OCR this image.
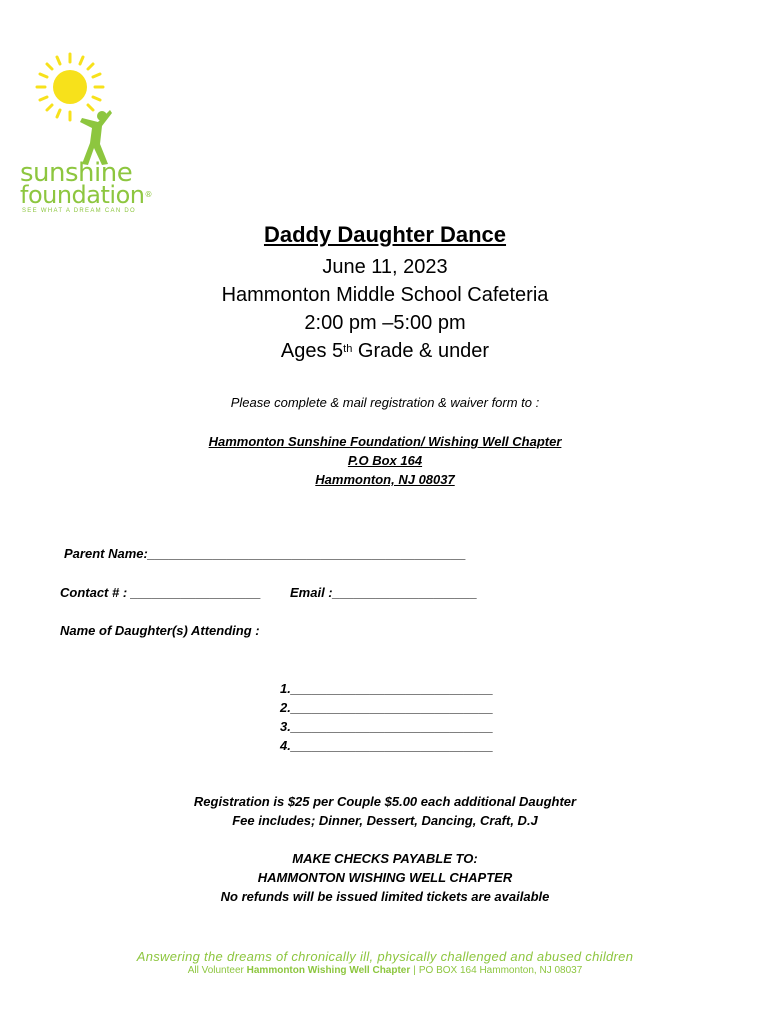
sunshine
foundation®
SEE WHAT A DREAM CAN DO
Daddy Daughter Dance
June 11, 2023
Hammonton Middle School Cafeteria
2:00 pm –5:00 pm
Ages 5th Grade & under
Please complete & mail registration & waiver form to :
Hammonton Sunshine Foundation/ Wishing Well Chapter
P.O Box 164
Hammonton, NJ 08037
Parent Name:____________________________________________
Contact # : __________________ Email :____________________
Name of Daughter(s) Attending :
1.____________________________
2.____________________________
3.____________________________
4.____________________________
Registration is $25 per Couple $5.00 each additional Daughter
Fee includes; Dinner, Dessert, Dancing, Craft, D.J
MAKE CHECKS PAYABLE TO:
HAMMONTON WISHING WELL CHAPTER
No refunds will be issued limited tickets are available
Answering the dreams of chronically ill, physically challenged and abused children
All Volunteer Hammonton Wishing Well Chapter | PO BOX 164 Hammonton, NJ 08037
